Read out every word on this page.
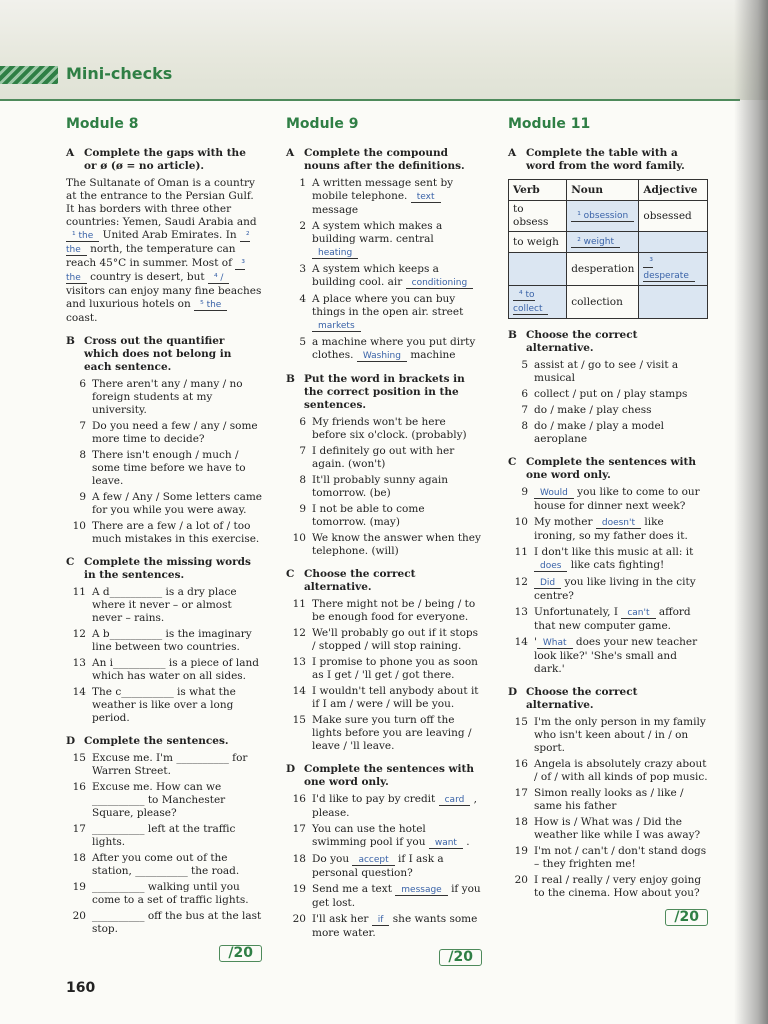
Mini-checks
Module 8
A Complete the gaps with the or ø (ø = no article).
The Sultanate of Oman is a country at the entrance to the Persian Gulf. It has borders with three other countries: Yemen, Saudi Arabia and ¹ the United Arab Emirates. In ² the north, the temperature can reach 45°C in summer. Most of ³ the country is desert, but ⁴ / visitors can enjoy many fine beaches and luxurious hotels on ⁵ the coast.
B Cross out the quantifier which does not belong in each sentence.
6 There aren't any / many / no foreign students at my university.
7 Do you need a few / any / some more time to decide?
8 There isn't enough / much / some time before we have to leave.
9 A few / Any / Some letters came for you while you were away.
10 There are a few / a lot of / too much mistakes in this exercise.
C Complete the missing words in the sentences.
11 A d__________ is a dry place where it never – or almost never – rains.
12 A b__________ is the imaginary line between two countries.
13 An i__________ is a piece of land which has water on all sides.
14 The c__________ is what the weather is like over a long period.
D Complete the sentences.
15 Excuse me. I'm __________ for Warren Street.
16 Excuse me. How can we __________ to Manchester Square, please?
17 __________ left at the traffic lights.
18 After you come out of the station, __________ the road.
19 __________ walking until you come to a set of traffic lights.
20 __________ off the bus at the last stop.
/20
Module 9
A Complete the compound nouns after the definitions.
1 A written message sent by mobile telephone. text message
2 A system which makes a building warm. central heating
3 A system which keeps a building cool. air conditioning
4 A place where you can buy things in the open air. street markets
5 a machine where you put dirty clothes. Washing machine
B Put the word in brackets in the correct position in the sentences.
6 My friends won't be here before six o'clock. (probably)
7 I definitely go out with her again. (won't)
8 It'll probably sunny again tomorrow. (be)
9 I not be able to come tomorrow. (may)
10 We know the answer when they telephone. (will)
C Choose the correct alternative.
11 There might not be / being / to be enough food for everyone.
12 We'll probably go out if it stops / stopped / will stop raining.
13 I promise to phone you as soon as I get / 'll get / got there.
14 I wouldn't tell anybody about it if I am / were / will be you.
15 Make sure you turn off the lights before you are leaving / leave / 'll leave.
D Complete the sentences with one word only.
16 I'd like to pay by credit card , please.
17 You can use the hotel swimming pool if you want .
18 Do you accept if I ask a personal question?
19 Send me a text message if you get lost.
20 I'll ask her if she wants some more water.
/20
Module 11
A Complete the table with a word from the word family.
Verb	Noun	Adjective
to obsess	¹ obsession	obsessed
to weigh	² weight	
	desperation	³ desperate
⁴ to collect	collection	
B Choose the correct alternative.
5 assist at / go to see / visit a musical
6 collect / put on / play stamps
7 do / make / play chess
8 do / make / play a model aeroplane
C Complete the sentences with one word only.
9	Would you like to come to our house for dinner next week?
10 My mother doesn't like ironing, so my father does it.
11 I don't like this music at all: it does like cats fighting!
12	Did you like living in the city centre?
13 Unfortunately, I can't afford that new computer game.
14 ' What does your new teacher look like?' 'She's small and dark.'
D Choose the correct alternative.
15 I'm the only person in my family who isn't keen about / in / on sport.
16 Angela is absolutely crazy about / of / with all kinds of pop music.
17 Simon really looks as / like / same his father
18 How is / What was / Did the weather like while I was away?
19 I'm not / can't / don't stand dogs – they frighten me!
20 I real / really / very enjoy going to the cinema. How about you?
/20
160
